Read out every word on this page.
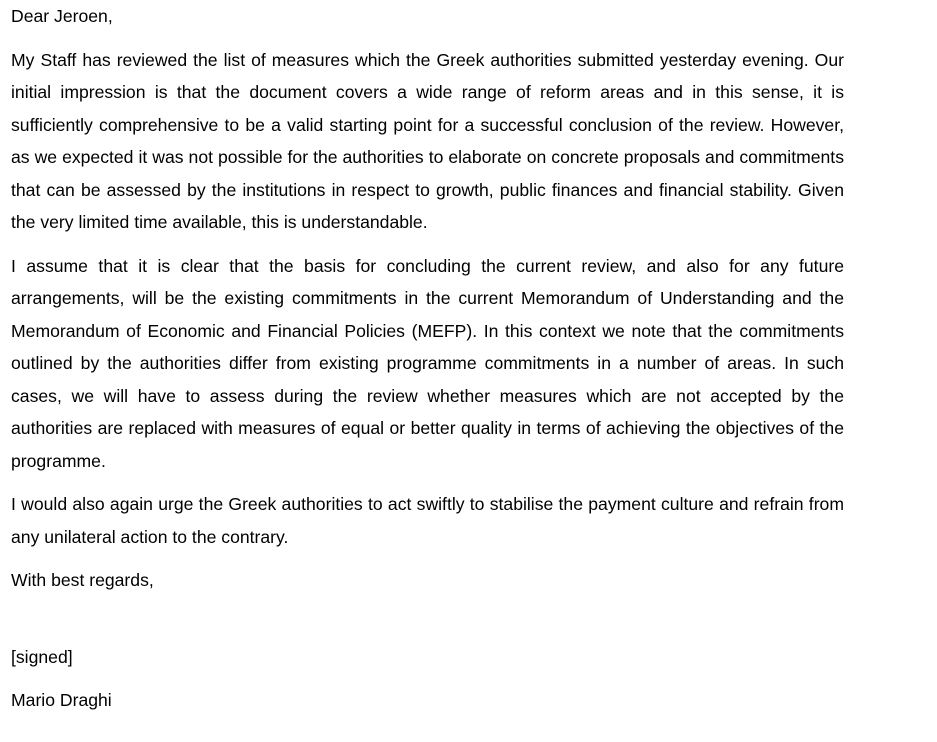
Dear Jeroen,

My Staff has reviewed the list of measures which the Greek authorities submitted yesterday evening. Our initial impression is that the document covers a wide range of reform areas and in this sense, it is sufficiently comprehensive to be a valid starting point for a successful conclusion of the review. However, as we expected it was not possible for the authorities to elaborate on concrete proposals and commitments that can be assessed by the institutions in respect to growth, public finances and financial stability. Given the very limited time available, this is understandable.

I assume that it is clear that the basis for concluding the current review, and also for any future arrangements, will be the existing commitments in the current Memorandum of Understanding and the Memorandum of Economic and Financial Policies (MEFP). In this context we note that the commitments outlined by the authorities differ from existing programme commitments in a number of areas. In such cases, we will have to assess during the review whether measures which are not accepted by the authorities are replaced with measures of equal or better quality in terms of achieving the objectives of the programme.

I would also again urge the Greek authorities to act swiftly to stabilise the payment culture and refrain from any unilateral action to the contrary.

With best regards,

[signed]

Mario Draghi
